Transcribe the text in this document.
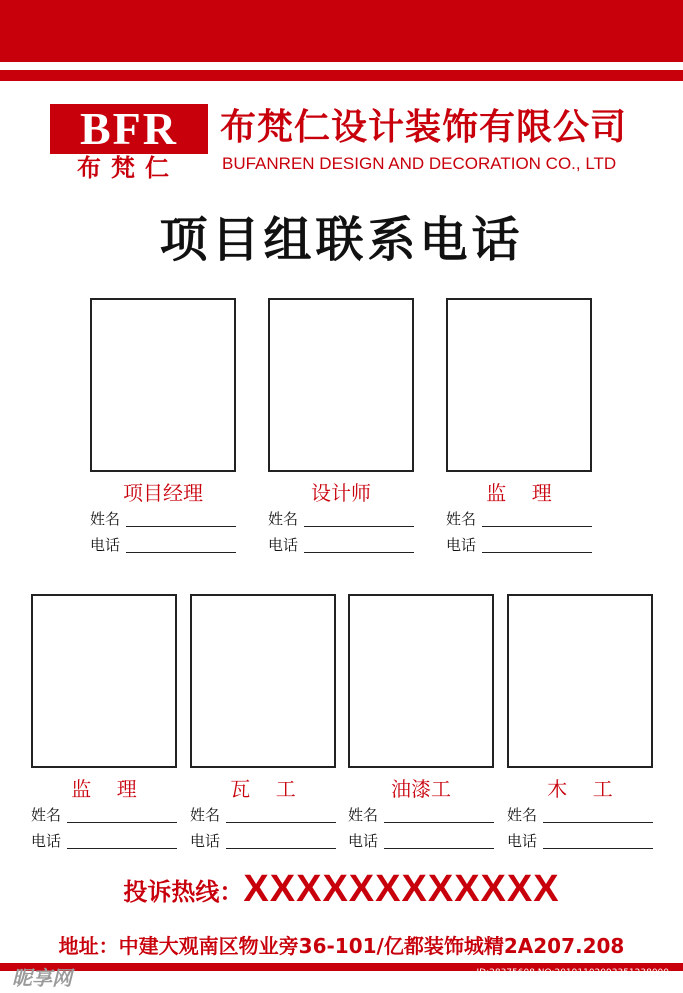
BFR
布梵仁
布梵仁设计装饰有限公司
BUFANREN DESIGN AND DECORATION CO., LTD
项目组联系电话
项目经理
姓名
电话
设计师
姓名
电话
监    理
姓名
电话
监    理
姓名
电话
瓦    工
姓名
电话
油漆工
姓名
电话
木    工
姓名
电话
投诉热线：XXXXXXXXXXXX
地址：中建大观南区物业旁36-101/亿都装饰城精2A207.208
昵享网	ID:28375608 NO:20191102093351238000
